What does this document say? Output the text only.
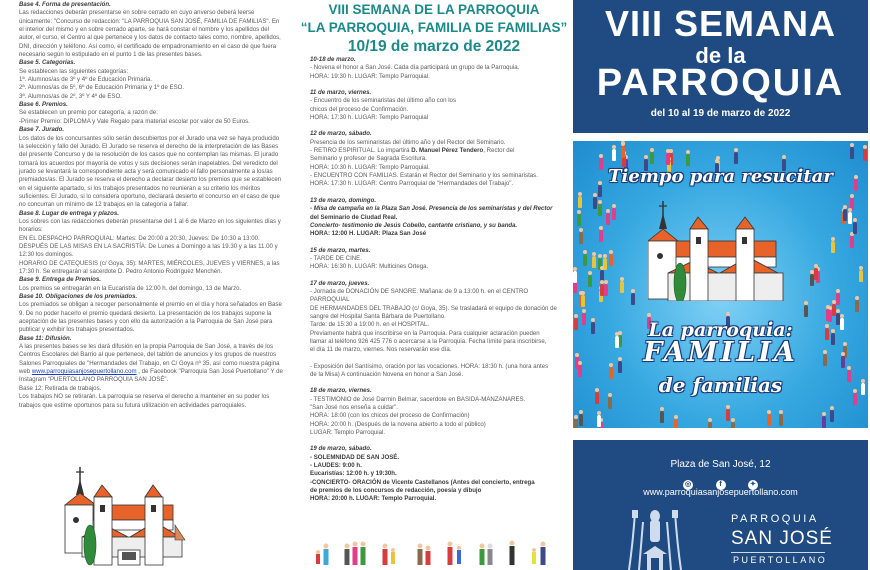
Base 4. Forma de presentación.

Las redacciones deberán presentarse en sobre cerrado en cuyo anverso deberá leerse únicamente: "Concurso de redacción: "LA PARROQUIA SAN JOSÉ, FAMILIA DE FAMILIAS". En el interior del mismo y en sobre cerrado aparte, se hará constar el nombre y los apellidos del autor, el curso, el Centro al que pertenece y los datos de contacto tales como, nombre, apellidos, DNI, dirección y teléfono. Así como, el certificado de empadronamiento en el caso de que fuera necesario según lo estipulado en el punto 1 de las presentes bases.

Base 5. Categorías.

Se establecen las siguientes categorías:

1ª. Alumnos/as de 3º y 4º de Educación Primaria.

2ª. Alumnos/as de 5º, 6º de Educación Primaria y 1º de ESO.

3ª. Alumnos/as de 2º, 3º Y 4º de ESO.

Base 6. Premios.

Se establecen un premio por categoría, a razón de:

-Primer Premio: DIPLOMA y Vale Regalo para material escolar por valor de 50 Euros.

Base 7. Jurado.

Los datos de los concursantes sólo serán descubiertos por el Jurado una vez se haya producido la selección y fallo del Jurado. El Jurado se reserva el derecho de la interpretación de las Bases del presente Concurso y de la resolución de los casos que no contemplan las mismas. El jurado tomará los acuerdos por mayoría de votos y sus decisiones serán inapelables. Del veredicto del jurado se levantará la correspondiente acta y será comunicado el fallo personalmente a los/as premiados/as. El Jurado se reserva el derecho a declarar desierto los premios que se establecen en el siguiente apartado, si los trabajos presentados no reunieran a su criterio los méritos suficientes. El Jurado, si lo considera oportuno, declarará desierto el concurso en el caso de que no concurran un mínimo de 12 trabajos en la categoría a fallar.

Base 8. Lugar de entrega y plazos.

Los sobres con las redacciones deberán presentarse del 1 al 6 de Marzo en los siguientes días y horarios:

EN EL DESPACHO PARROQUIAL: Martes: De 20:00 a 20:30, Jueves: De 10:30 a 13:00.

DESPUÉS DE LAS MISAS EN LA SACRISTÍA: De Lunes a Domingo a las 19.30 y a las 11.00 y 12:30 los domingos.

HORARIO DE CATEQUESIS (c/ Goya, 35): MARTES, MIÉRCOLES, JUEVES y VIERNES, a las 17:30 h. Se entregarán al sacerdote D. Pedro Antonio Rodríguez Menchén.

Base 9. Entrega de Premios.

Los premios se entregarán en la Eucaristía de 12:00 h. del domingo, 13 de Marzo.

Base 10. Obligaciones de los premiados.

Los premiados se obligan a recoger personalmente el premio en el día y hora señalados en Base 9. De no poder hacerlo el premio quedará desierto. La presentación de los trabajos supone la aceptación de las presentes bases y con ello da autorización a la Parroquia de San José para publicar y exhibir los trabajos presentados.

Base 11: Difusión.

A las presentes bases se les dará difusión en la propia Parroquia de San José, a través de los Centros Escolares del Barrio al que pertenece, del tablón de anuncios y los grupos de nuestros Salones Parroquiales de "Hermandades del Trabajo, en C/ Goya nº 35, así como nuestra página web www.parroquiasanjosepuertollano.com , de Facebook "Parroquia San José Puertollano" Y de Instagram "PUERTOLLANO PARROQUIA SAN JOSÉ".

Base 12: Retirada de trabajos.

Los trabajos NO se retirarán. La parroquia se reserva el derecho a mantener en su poder los trabajos que estime oportunos para su futura utilización en actividades parroquiales.

VIII SEMANA DE LA PARROQUIA
“LA PARROQUIA, FAMILIA DE FAMILIAS”
10/19 de marzo de 2022

10-18 de marzo.

- Novena el honor a San José. Cada día participará un grupo de la Parroquia.

HORA: 19:30 h. LUGAR: Templo Parroquial.

11 de marzo, viernes.

- Encuentro de los seminaristas del último año con los

chicos del proceso de Confirmación.

HORA: 17:30 h. LUGAR: Templo Parroquial

12 de marzo, sábado.

Presencia de los seminaristas del último año y del Rector del Seminario.

- RETIRO ESPIRITUAL. Lo impartirá D. Manuel Pérez Tendero, Rector del

Seminario y profesor de Sagrada Escritura.

HORA: 10:30 h. LUGAR: Templo Parroquial.

- ENCUENTRO CON FAMILIAS. Estarán el Rector del Seminario y los seminaristas.

HORA: 17:30 h. LUGAR: Centro Parroquial de "Hermandades del Trabajo".

13 de marzo, domingo.

- Misa de campaña en la Plaza San José. Presencia de los seminaristas y del Rector

del Seminario de Ciudad Real.

Concierto- testimonio de Jesús Cobello, cantante cristiano, y su banda.

HORA: 12:00 H. LUGAR: Plaza San José

15 de marzo, martes.

- TARDE DE CINE.

HORA: 16:30 h. LUGAR: Multicines Ortega.

17 de marzo, jueves.

- Jornada de DONACIÓN DE SANGRE. Mañana: de 9 a 13:00 h. en el CENTRO PARROQUIAL

DE HERMANDADES DEL TRABAJO (c/ Goya, 35). Se trasladará el equipo de donación de

sangre del Hospital Santa Bárbara de Puertollano.

Tarde: de 15:30 a 19:00 h. en el HOSPITAL.

Previamente habrá que inscribirse en la Parroquia. Para cualquier aclaración pueden

llamar al teléfono 926 425 776 o acercarse a la Parroquia. Fecha límite para inscribirse,

el día 11 de marzo, viernes. Nos reservarán ese día.

- Exposición del Santísimo, oración por las vocaciones. HORA: 18:30 h. (una hora antes

de la Misa) A continuación Novena en honor a San José.

18 de marzo, viernes.

- TESTIMONIO de José Darmin Belmar, sacerdote en BASIDA-MANZANARES.

"San José nos enseña a cuidar".

HORA: 18:00 (con los chicos del proceso de Confirmación)

HORA: 20:00 h. (Después de la novena abierto a todo el público)

LUGAR: Templo Parroquial.

19 de marzo, sábado.

- SOLEMNIDAD DE SAN JOSÉ.

- LAUDES: 9:00 h.

Eucaristías: 12:00 h. y 19:30h.

-CONCIERTO- ORACIÓN de Vicente Castellanos (Antes del concierto, entrega

de premios de los concursos de redacción, poesía y dibujo

HORA: 20:00 h. LUGAR: Templo Parroquial.

VIII SEMANA
de la
PARROQUIA
del 10 al 19 de marzo de 2022
Tiempo para resucitar
La parroquia:
FAMILIA
de familias
Plaza de San José, 12
◎	f	✦
www.parroquiasanjosepuertollano.com
PARROQUIA
SAN JOSÉ
PUERTOLLANO
